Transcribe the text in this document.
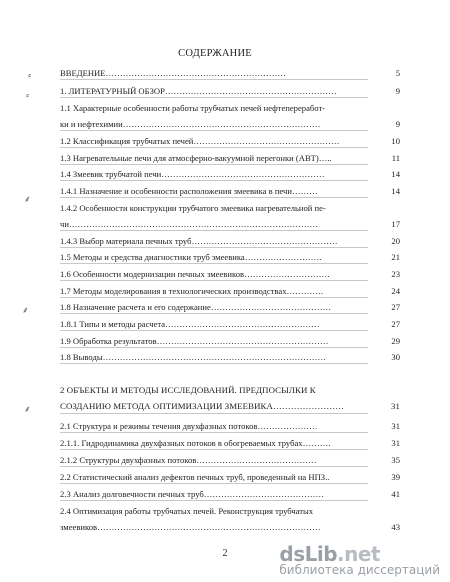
СОДЕРЖАНИЕ
⸗
⸗
⸙
⸙
⸙
ВВЕДЕНИЕ………………………………………………………	5
1. ЛИТЕРАТУРНЫЙ ОБЗОР……………………………………………………	9
1.1 Характерные особенности работы трубчатых печей нефтепереработ-
ки и нефтехимии……………………………………………………………	9
1.2 Классификация трубчатых печей……………………………………………	10
1.3 Нагревательные печи для атмосферно-вакуумной перегонки (АВТ)…..	11
1.4 Змеевик трубчатой печи…………………………………………………	14
1.4.1 Назначение и особенности расположения змеевика в печи………	14
1.4.2 Особенности конструкции трубчатого змеевика нагревательной пе-
чи……………………………………………………………………………	17
1.4.3 Выбор материала печных труб……………………………………………	20
1.5 Методы и средства диагностики труб змеевика………………………	21
1.6 Особенности модернизации печных змеевиков…………………………	23
1.7 Методы моделирования в технологических производствах………….	24
1.8 Назначение расчета и его содержание……………………………………	27
1.8.1 Типы и методы расчета………………………………………………	27
1.9 Обработка результатов……………………………………………………	29
1.8 Выводы……………………………………………………………………	30
2 ОБЪЕКТЫ И МЕТОДЫ ИССЛЕДОВАНИЙ. ПРЕДПОСЫЛКИ К
СОЗДАНИЮ МЕТОДА ОПТИМИЗАЦИИ ЗМЕЕВИКА……………………	31
2.1 Структура и режимы течения двухфазных потоков…………………	31
2.1.1. Гидродинамика двухфазных потоков в обогреваемых трубах……….	31
2.1.2 Структуры двухфазных потоков……………………………………	35
2.2 Статистический анализ дефектов печных труб, проведенный на НПЗ..	39
2.3 Анализ долговечности печных труб……………………………………	41
2.4 Оптимизация работы трубчатых печей. Реконструкция трубчатых
змеевиков……………………………………………………………………	43
2	dsLib.net
библиотека диссертаций
